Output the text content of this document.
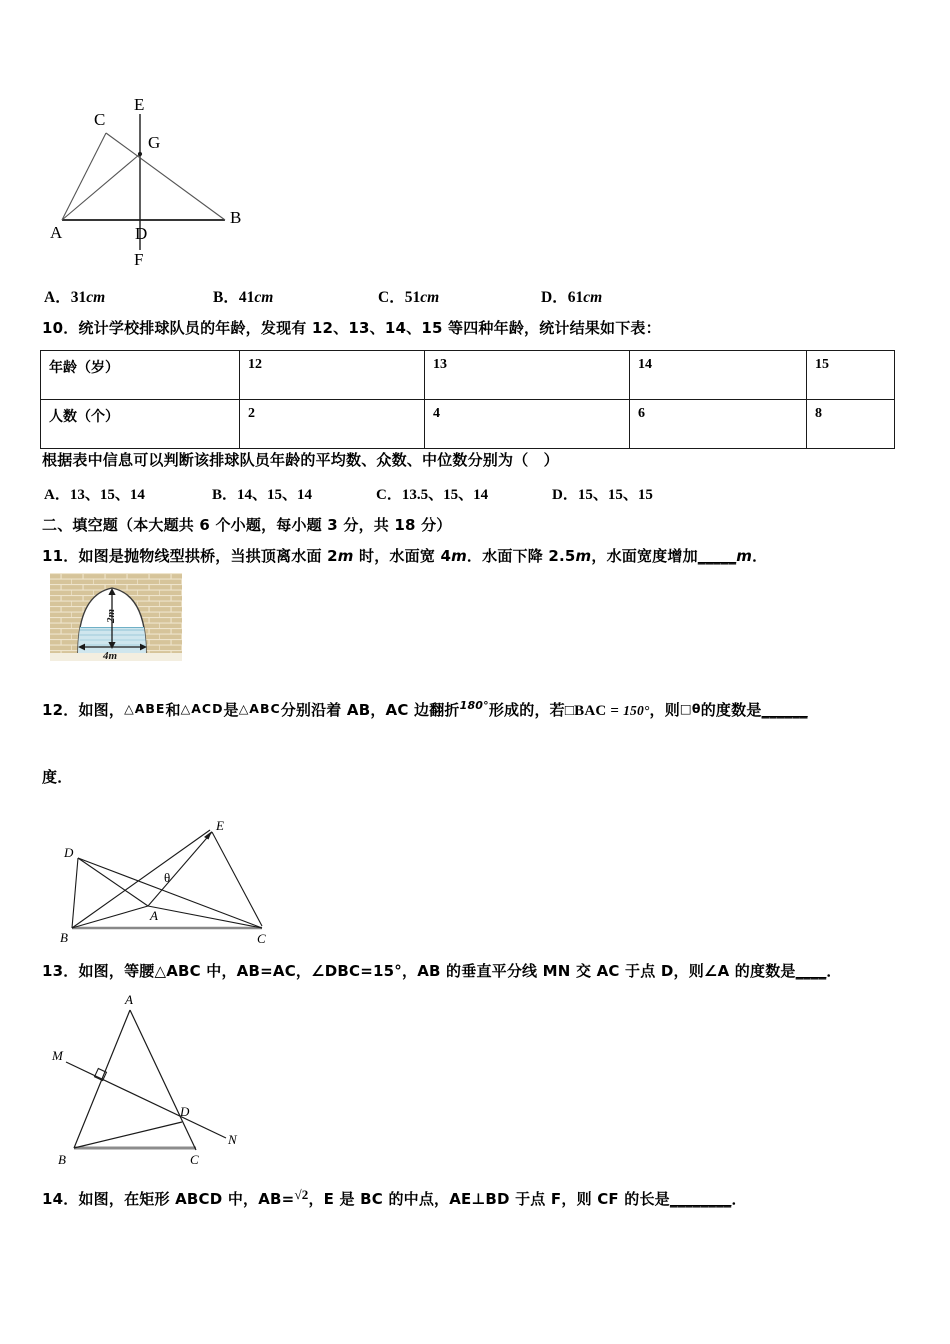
A
B
C
D
E
F
G
A．31cm	B．41cm	C．51cm	D．61cm
10．统计学校排球队员的年龄，发现有 12、13、14、15 等四种年龄，统计结果如下表：
年龄（岁）	12	13	14	15
人数（个）	2	4	6	8
根据表中信息可以判断该排球队员年龄的平均数、众数、中位数分别为（　）
A．13、15、14	B．14、15、14	C．13.5、15、14	D．15、15、15
二、填空题（本大题共 6 个小题，每小题 3 分，共 18 分）
11．如图是抛物线型拱桥，当拱顶离水面 2m 时，水面宽 4m．水面下降 2.5m，水面宽度增加_____m．
2m
4m
12．如图，△ABE和△ACD是△ABC分别沿着 AB，AC 边翻折$^{180^\circ}$形成的，若□BAC = 150°，则□θ的度数是______
度．
E
D
B	C
A
θ
13．如图，等腰△ABC 中，AB=AC，∠DBC=15°，AB 的垂直平分线 MN 交 AC 于点 D，则∠A 的度数是____．
A
B	C
D
M
N
14．如图，在矩形 ABCD 中，AB=√2，E 是 BC 的中点，AE⊥BD 于点 F，则 CF 的长是________．
